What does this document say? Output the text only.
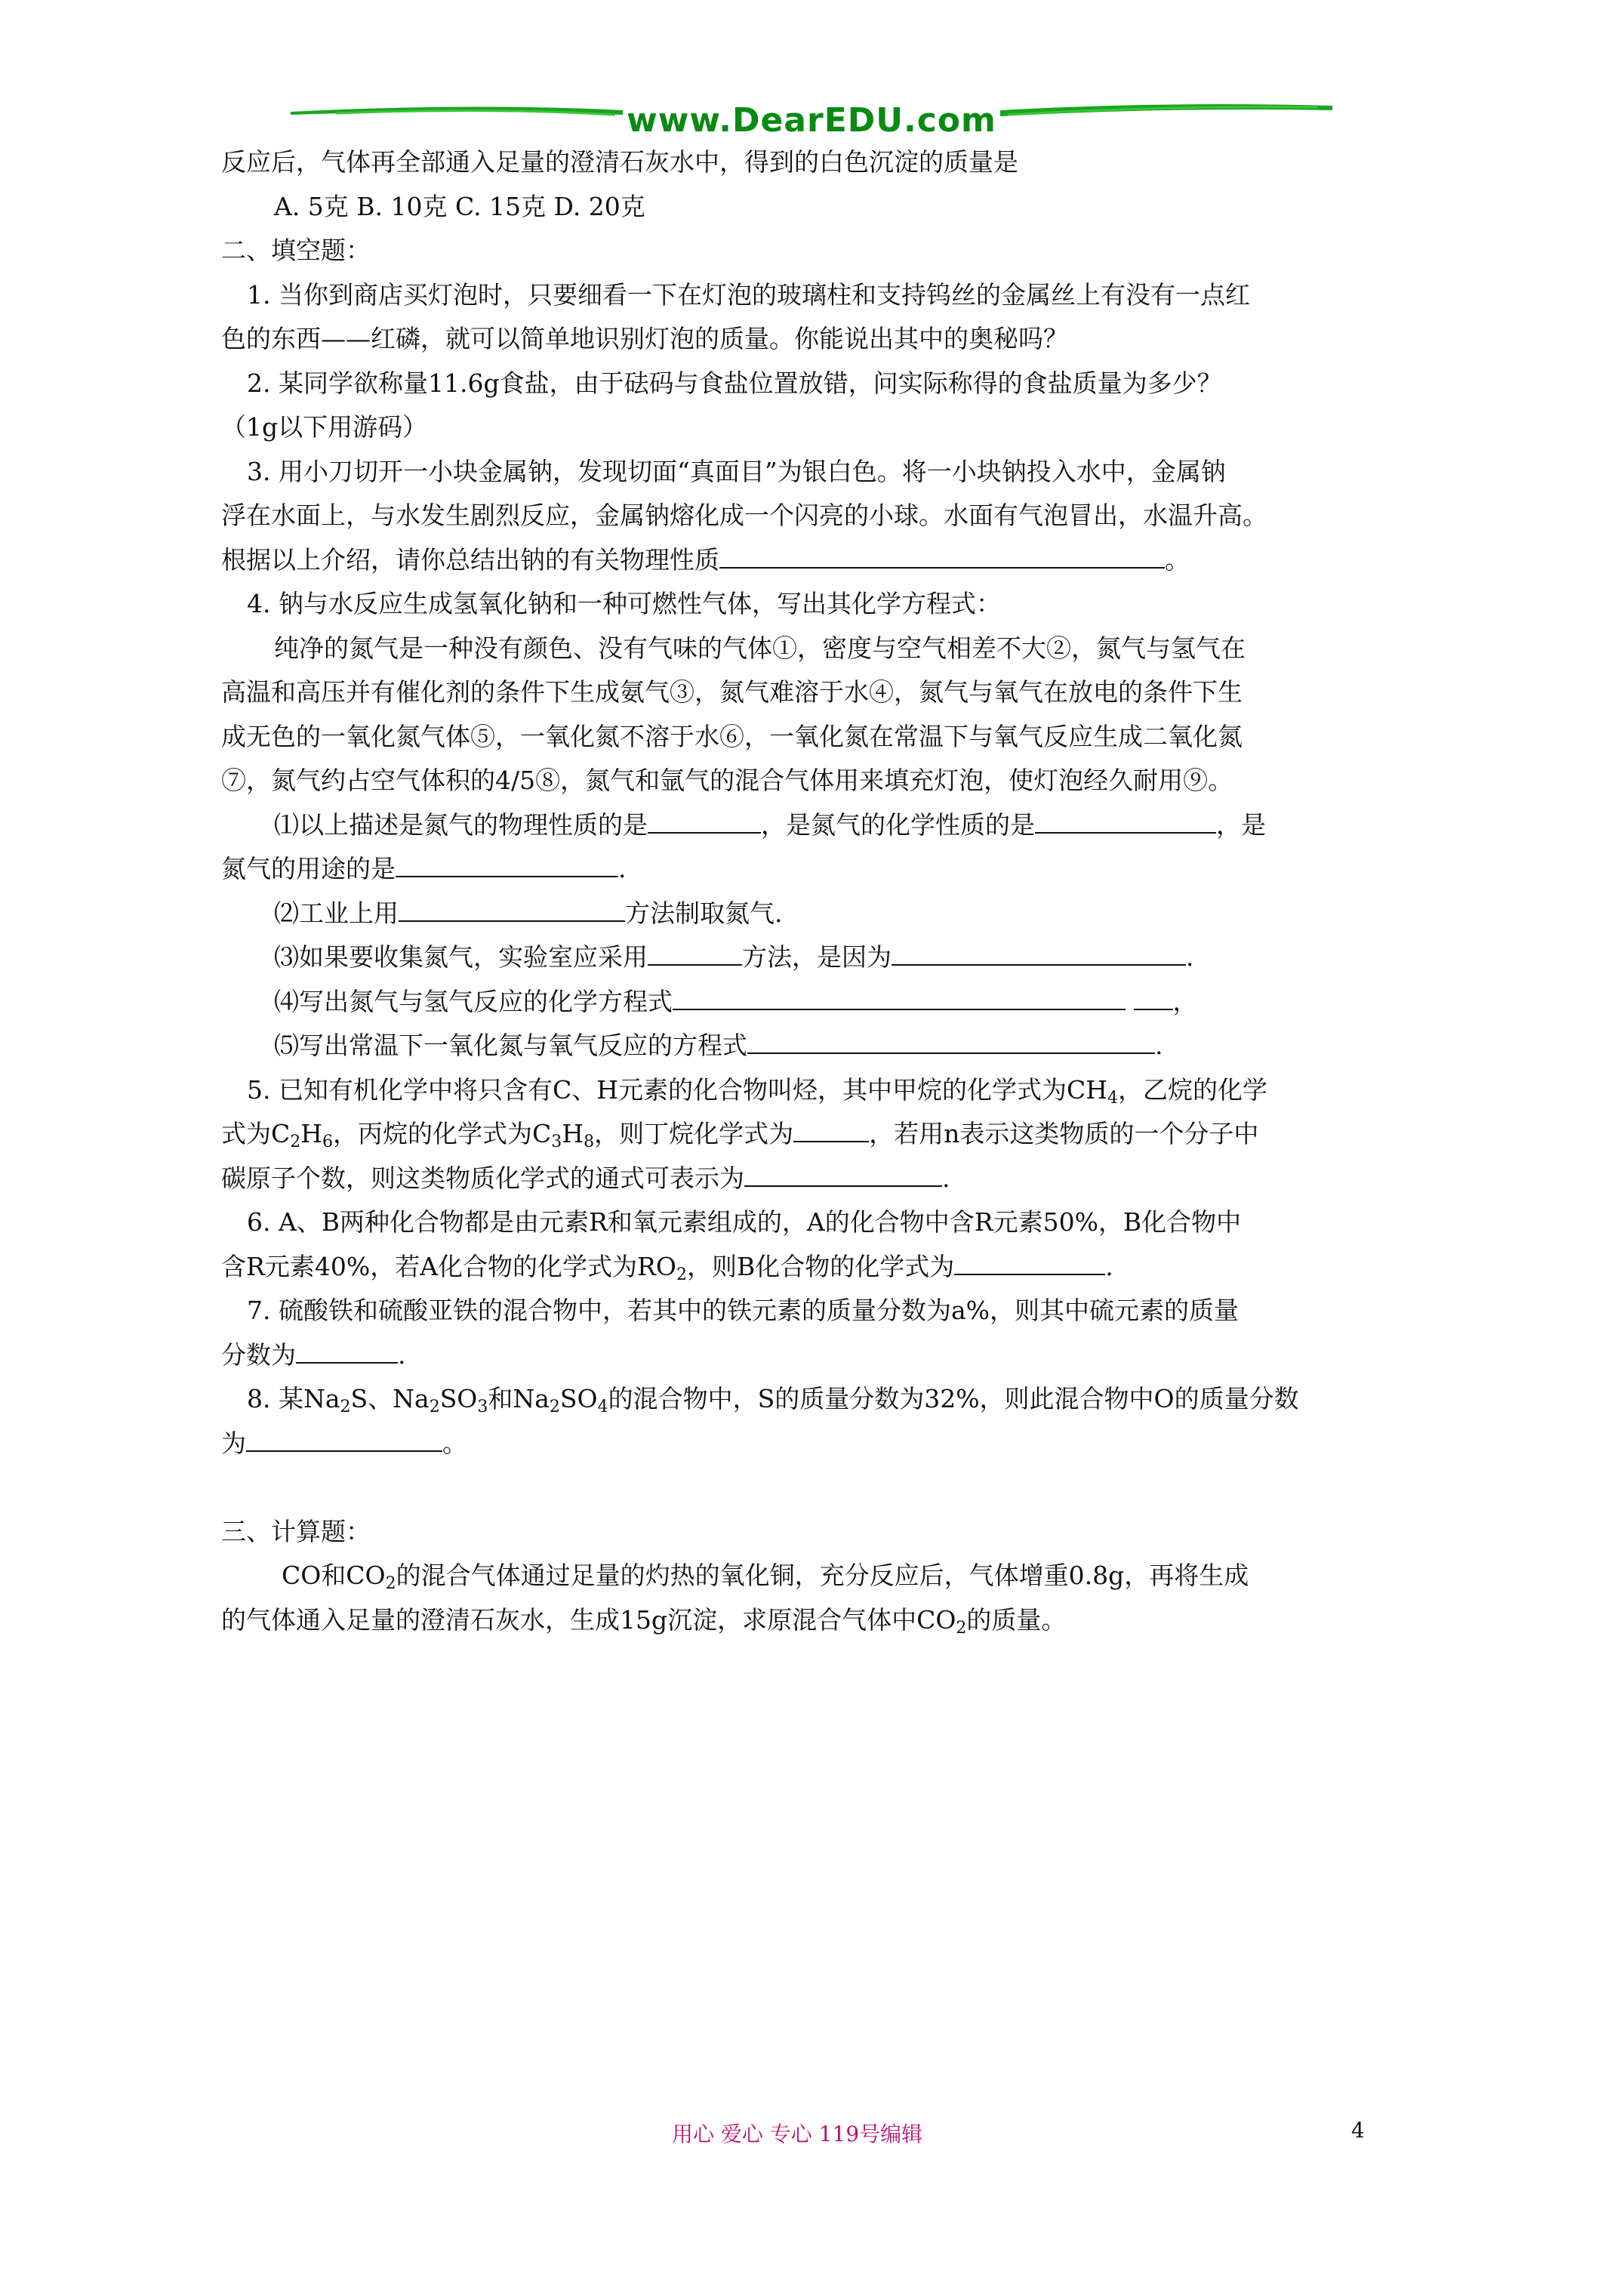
www.DearEDU.com
反应后，气体再全部通入足量的澄清石灰水中，得到的白色沉淀的质量是
A. 5克 B. 10克 C. 15克 D. 20克
二、填空题：
1. 当你到商店买灯泡时，只要细看一下在灯泡的玻璃柱和支持钨丝的金属丝上有没有一点红
色的东西——红磷，就可以简单地识别灯泡的质量。你能说出其中的奥秘吗？
2. 某同学欲称量11.6g食盐，由于砝码与食盐位置放错，问实际称得的食盐质量为多少？
（1g以下用游码）
3. 用小刀切开一小块金属钠，发现切面“真面目”为银白色。将一小块钠投入水中，金属钠
浮在水面上，与水发生剧烈反应，金属钠熔化成一个闪亮的小球。水面有气泡冒出，水温升高。
根据以上介绍，请你总结出钠的有关物理性质	。
4. 钠与水反应生成氢氧化钠和一种可燃性气体，写出其化学方程式：
纯净的氮气是一种没有颜色、没有气味的气体①，密度与空气相差不大②，氮气与氢气在
高温和高压并有催化剂的条件下生成氨气③，氮气难溶于水④，氮气与氧气在放电的条件下生
成无色的一氧化氮气体⑤，一氧化氮不溶于水⑥，一氧化氮在常温下与氧气反应生成二氧化氮
⑦，氮气约占空气体积的4/5⑧，氮气和氩气的混合气体用来填充灯泡，使灯泡经久耐用⑨。
⑴以上描述是氮气的物理性质的是	，是氮气的化学性质的是	，是
氮气的用途的是	.
⑵工业上用	方法制取氮气.
⑶如果要收集氮气，实验室应采用	方法，是因为	.
⑷写出氮气与氢气反应的化学方程式	，
⑸写出常温下一氧化氮与氧气反应的方程式	.
5. 已知有机化学中将只含有C、H元素的化合物叫烃，其中甲烷的化学式为$CH_4$，乙烷的化学
式为$C_2H_6$，丙烷的化学式为$C_3H_8$，则丁烷化学式为	，若用n表示这类物质的一个分子中
碳原子个数，则这类物质化学式的通式可表示为	.
6. A、B两种化合物都是由元素R和氧元素组成的，A的化合物中含R元素50%，B化合物中
含R元素40%，若A化合物的化学式为$RO_2$，则B化合物的化学式为	.
7. 硫酸铁和硫酸亚铁的混合物中，若其中的铁元素的质量分数为a%，则其中硫元素的质量
分数为	.
8. 某$Na_2S$、$Na_2SO_3$和$Na_2SO_4$的混合物中，S的质量分数为32%，则此混合物中O的质量分数
为	。
三、计算题：
CO和$CO_2$的混合气体通过足量的灼热的氧化铜，充分反应后，气体增重0.8g，再将生成
的气体通入足量的澄清石灰水，生成15g沉淀，求原混合气体中$CO_2$的质量。
用心 爱心 专心 119号编辑	4
